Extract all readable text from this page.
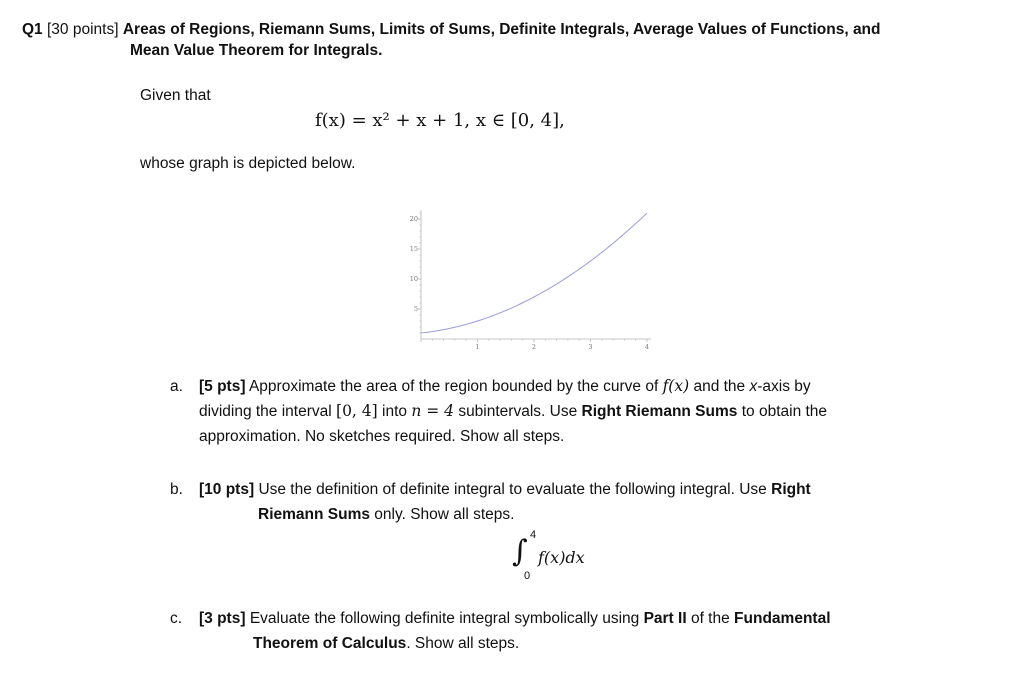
Q1 [30 points] Areas of Regions, Riemann Sums, Limits of Sums, Definite Integrals, Average Values of Functions, and
Mean Value Theorem for Integrals.
Given that
f(x) = x² + x + 1, x ∈ [0, 4],
whose graph is depicted below.
1	2	3	4
5
10
15
20
a. [5 pts] Approximate the area of the region bounded by the curve of f(x) and the x-axis by
dividing the interval [0, 4] into n = 4 subintervals. Use Right Riemann Sums to obtain the
approximation. No sketches required. Show all steps.
b. [10 pts] Use the definition of definite integral to evaluate the following integral. Use Right
Riemann Sums only. Show all steps.
∫ 4
0
f(x)dx
c. [3 pts] Evaluate the following definite integral symbolically using Part II of the Fundamental
Theorem of Calculus. Show all steps.
